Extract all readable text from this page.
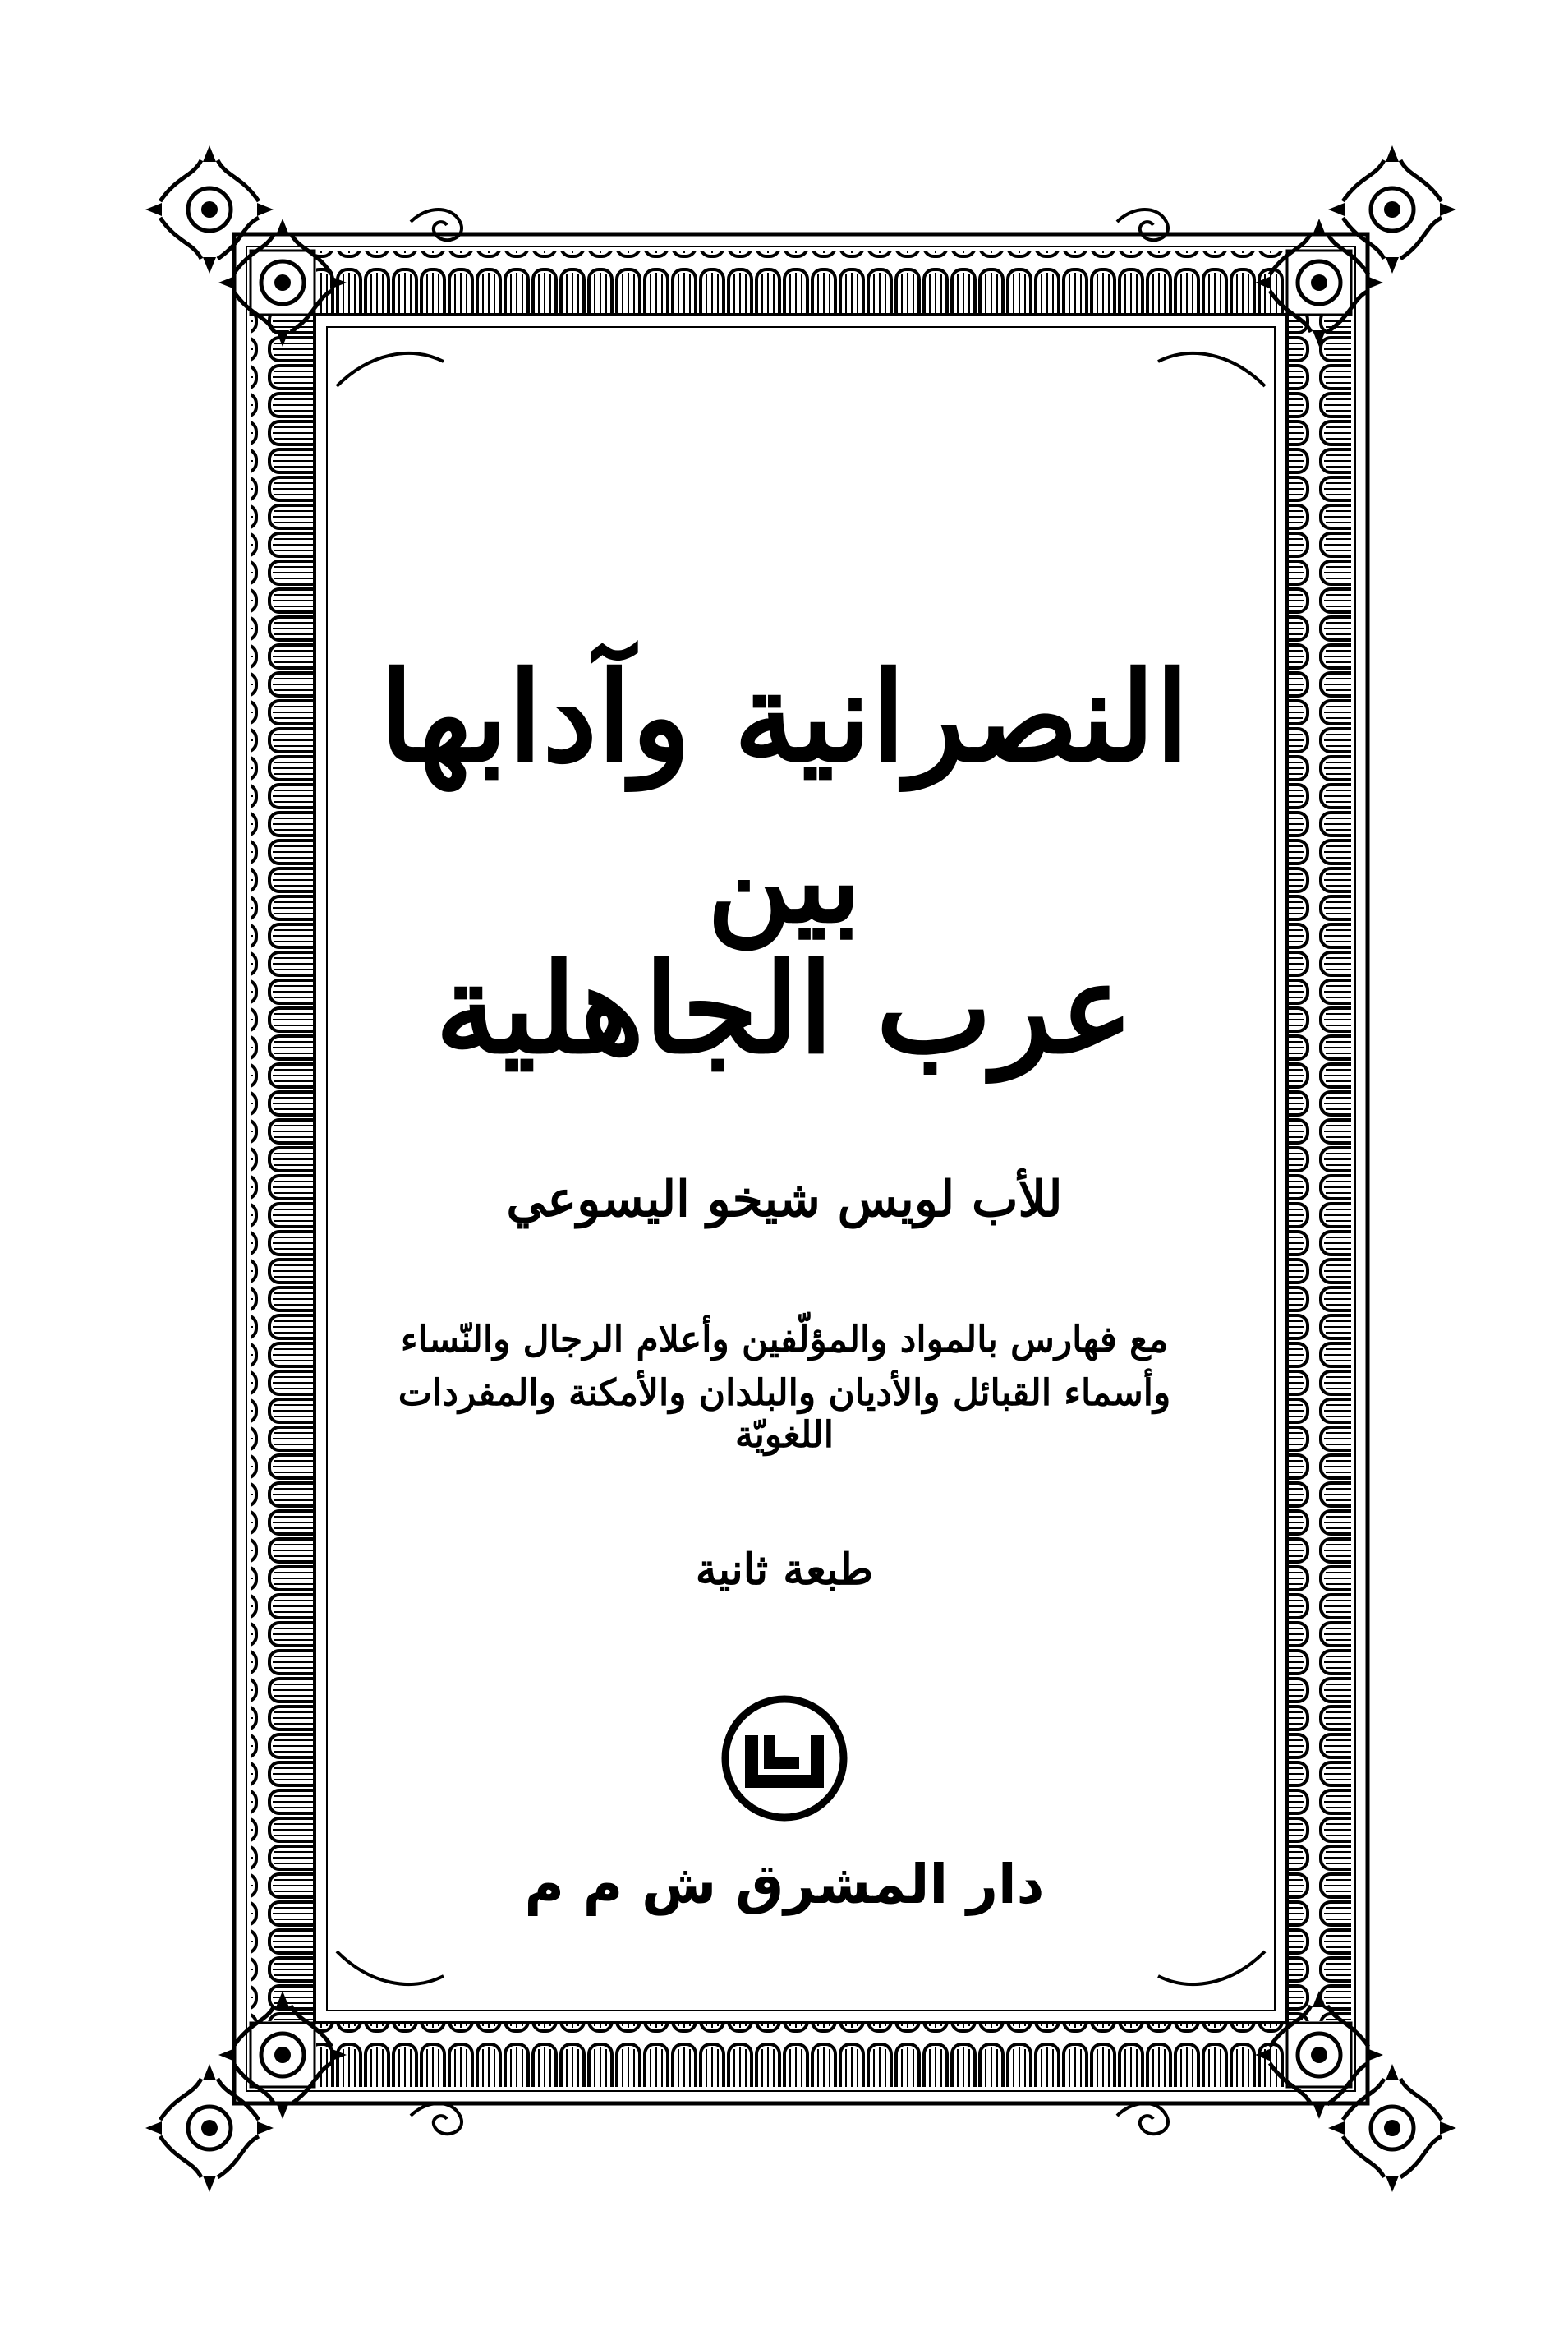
النصرانية وآدابها
بين
عرب الجاهلية
للأب لويس شيخو اليسوعي
مع فهارس بالمواد والمؤلّفين وأعلام الرجال والنّساء
وأسماء القبائل والأديان والبلدان والأمكنة والمفردات اللغويّة
طبعة ثانية
دار المشرق ش م م
